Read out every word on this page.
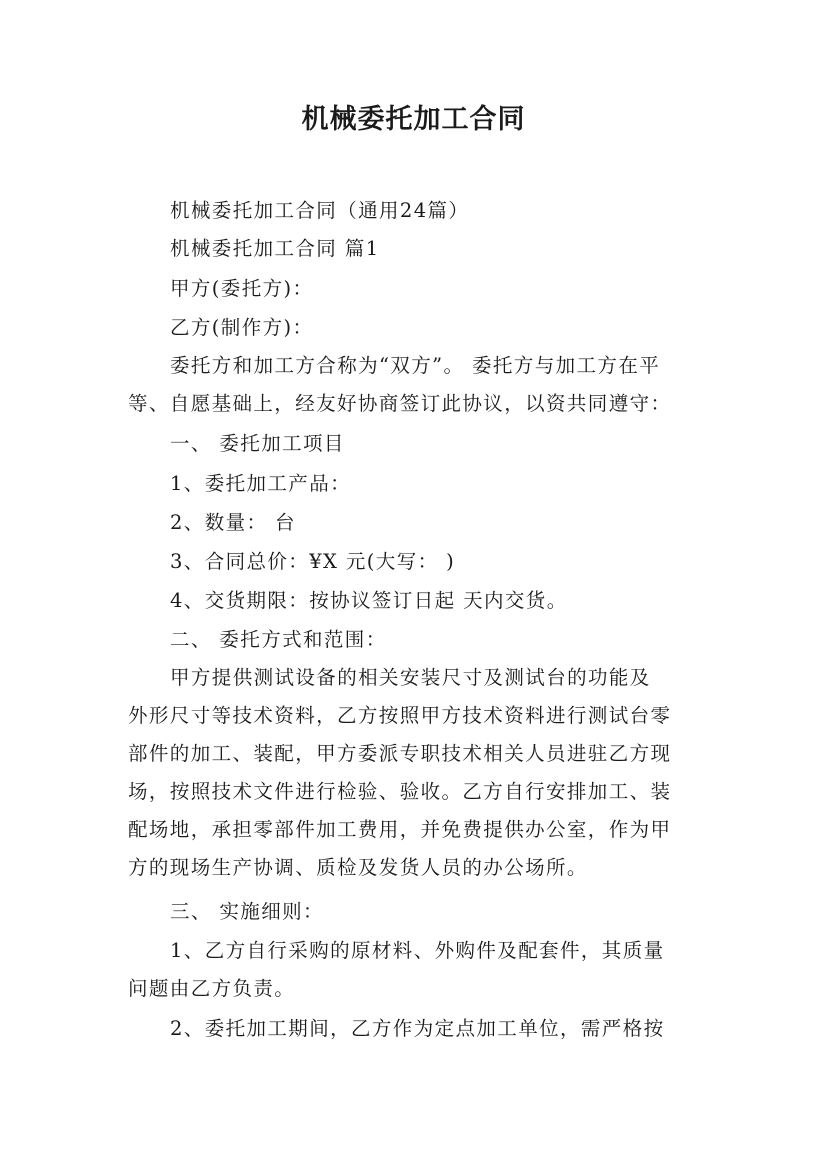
机械委托加工合同
机械委托加工合同（通用24篇）
机械委托加工合同 篇1
甲方(委托方)：
乙方(制作方)：
委托方和加工方合称为“双方”。 委托方与加工方在平
等、自愿基础上，经友好协商签订此协议，以资共同遵守：
一、 委托加工项目
1、委托加工产品：
2、数量： 台
3、合同总价：¥X 元(大写： )
4、交货期限：按协议签订日起 天内交货。
二、 委托方式和范围：
甲方提供测试设备的相关安装尺寸及测试台的功能及
外形尺寸等技术资料，乙方按照甲方技术资料进行测试台零
部件的加工、装配，甲方委派专职技术相关人员进驻乙方现
场，按照技术文件进行检验、验收。乙方自行安排加工、装
配场地，承担零部件加工费用，并免费提供办公室，作为甲
方的现场生产协调、质检及发货人员的办公场所。
三、 实施细则：
1、乙方自行采购的原材料、外购件及配套件，其质量
问题由乙方负责。
2、委托加工期间，乙方作为定点加工单位，需严格按
